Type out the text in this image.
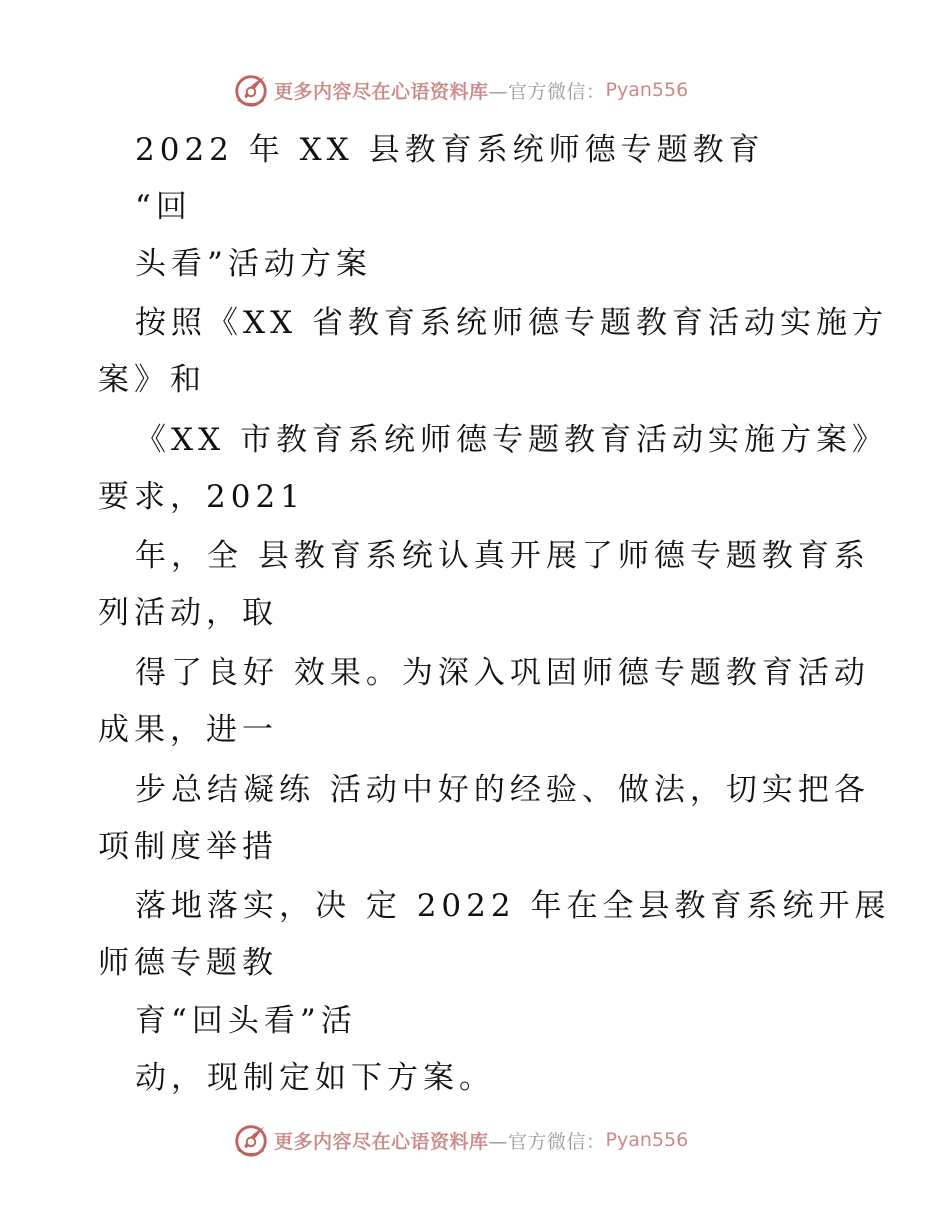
更多内容尽在心语资料库 —官方微信： Pyan556
2022 年 XX 县教育系统师德专题教育
“回
头看”活动方案
按照《XX 省教育系统师德专题教育活动实施方
案》和
《XX 市教育系统师德专题教育活动实施方案》
要求，2021
年，全 县教育系统认真开展了师德专题教育系
列活动，取
得了良好 效果。为深入巩固师德专题教育活动
成果，进一
步总结凝练 活动中好的经验、做法，切实把各
项制度举措
落地落实，决 定 2022 年在全县教育系统开展
师德专题教
育“回头看”活
动，现制定如下方案。
更多内容尽在心语资料库 —官方微信： Pyan556
